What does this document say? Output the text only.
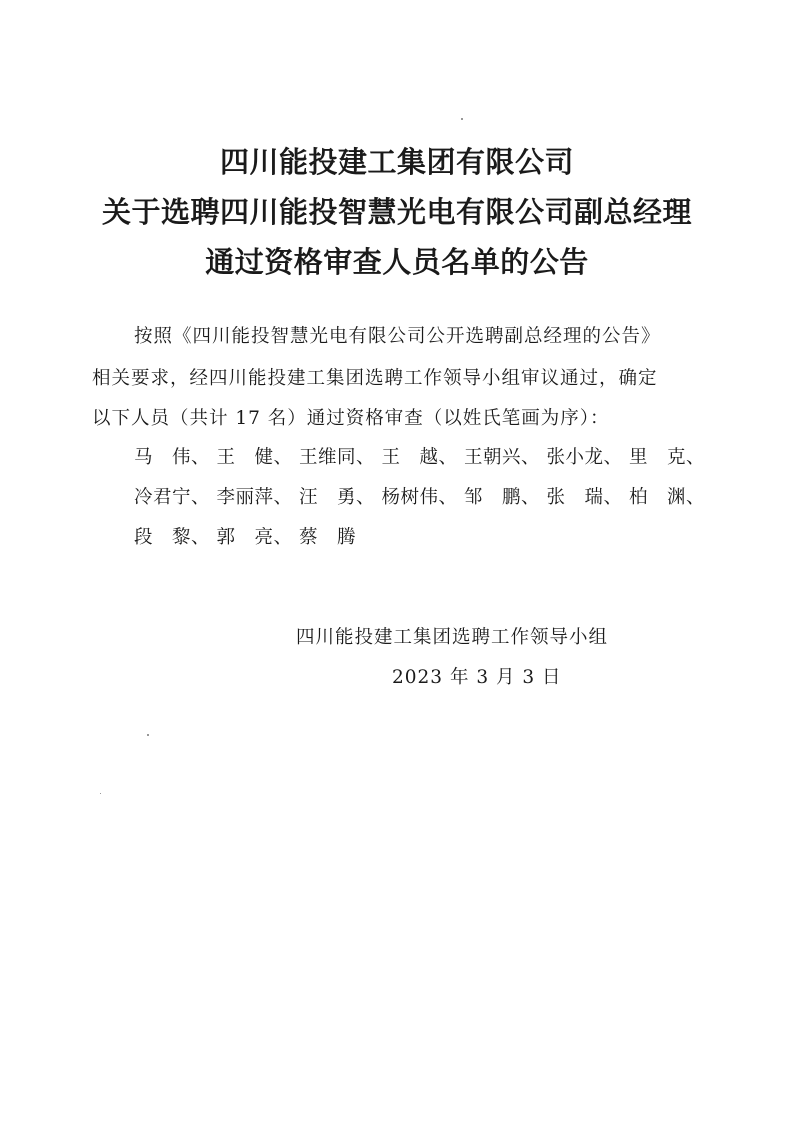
四川能投建工集团有限公司
关于选聘四川能投智慧光电有限公司副总经理
通过资格审查人员名单的公告
按照《四川能投智慧光电有限公司公开选聘副总经理的公告》
相关要求，经四川能投建工集团选聘工作领导小组审议通过，确定
以下人员（共计 17 名）通过资格审查（以姓氏笔画为序）：
马　伟、 王　健、 王维同、 王　越、 王朝兴、 张小龙、 里　克、
冷君宁、 李丽萍、 汪　勇、 杨树伟、 邹　鹏、 张　瑞、 柏　渊、
段　黎、 郭　亮、 蔡　腾
四川能投建工集团选聘工作领导小组
2023 年 3 月 3 日
